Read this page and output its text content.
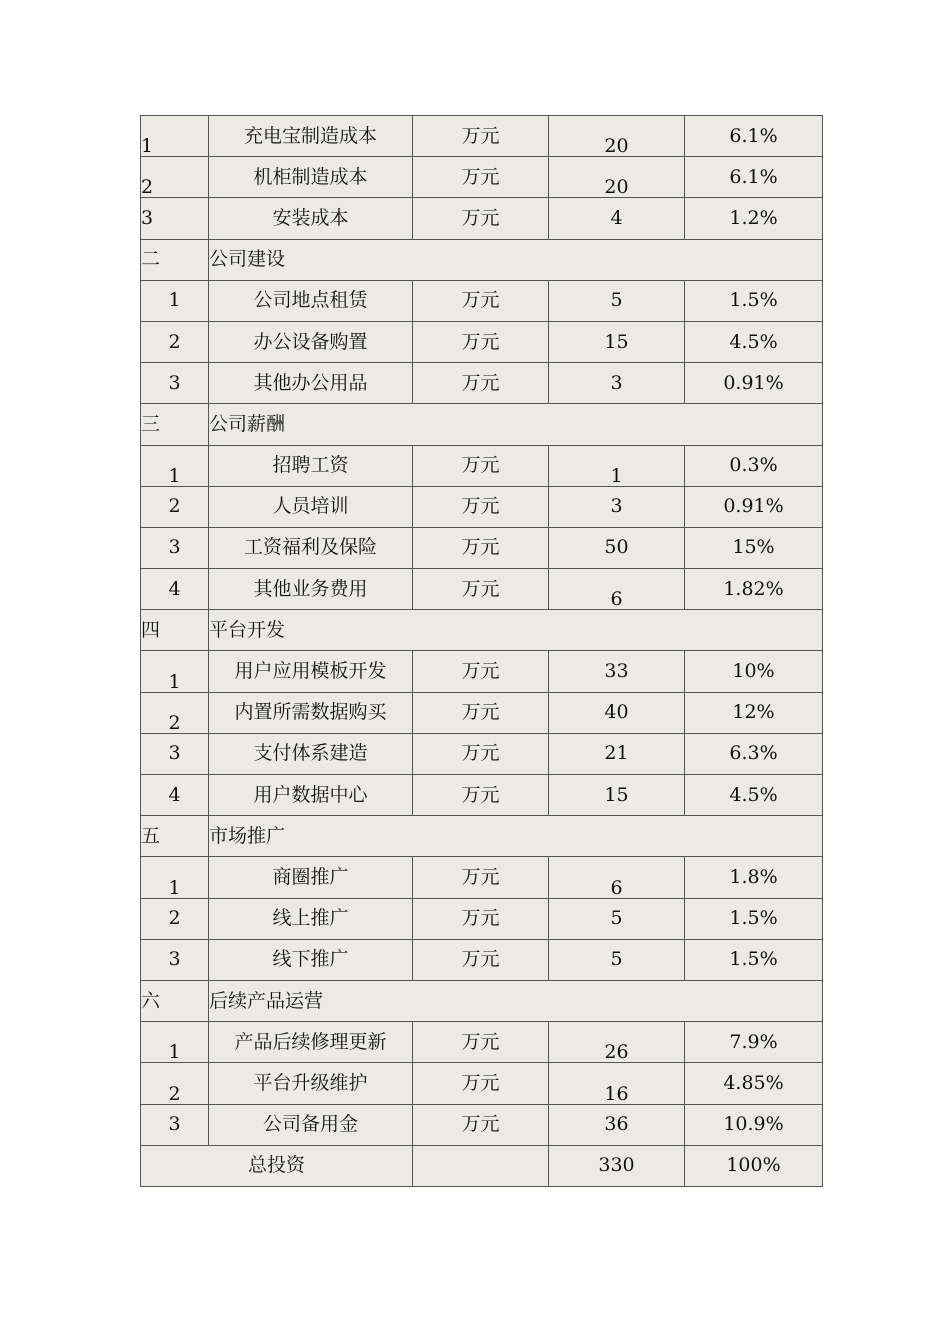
1	充电宝制造成本	万元	20	6.1%
2	机柜制造成本	万元	20	6.1%
3	安装成本	万元	4	1.2%
二	公司建设			
1	公司地点租赁	万元	5	1.5%
2	办公设备购置	万元	15	4.5%
3	其他办公用品	万元	3	0.91%
三	公司薪酬			
1	招聘工资	万元	1	0.3%
2	人员培训	万元	3	0.91%
3	工资福利及保险	万元	50	15%
4	其他业务费用	万元	6	1.82%
四	平台开发			
1	用户应用模板开发	万元	33	10%
2	内置所需数据购买	万元	40	12%
3	支付体系建造	万元	21	6.3%
4	用户数据中心	万元	15	4.5%
五	市场推广			
1	商圈推广	万元	6	1.8%
2	线上推广	万元	5	1.5%
3	线下推广	万元	5	1.5%
六	后续产品运营			
1	产品后续修理更新	万元	26	7.9%
2	平台升级维护	万元	16	4.85%
3	公司备用金	万元	36	10.9%
总投资			330	100%
